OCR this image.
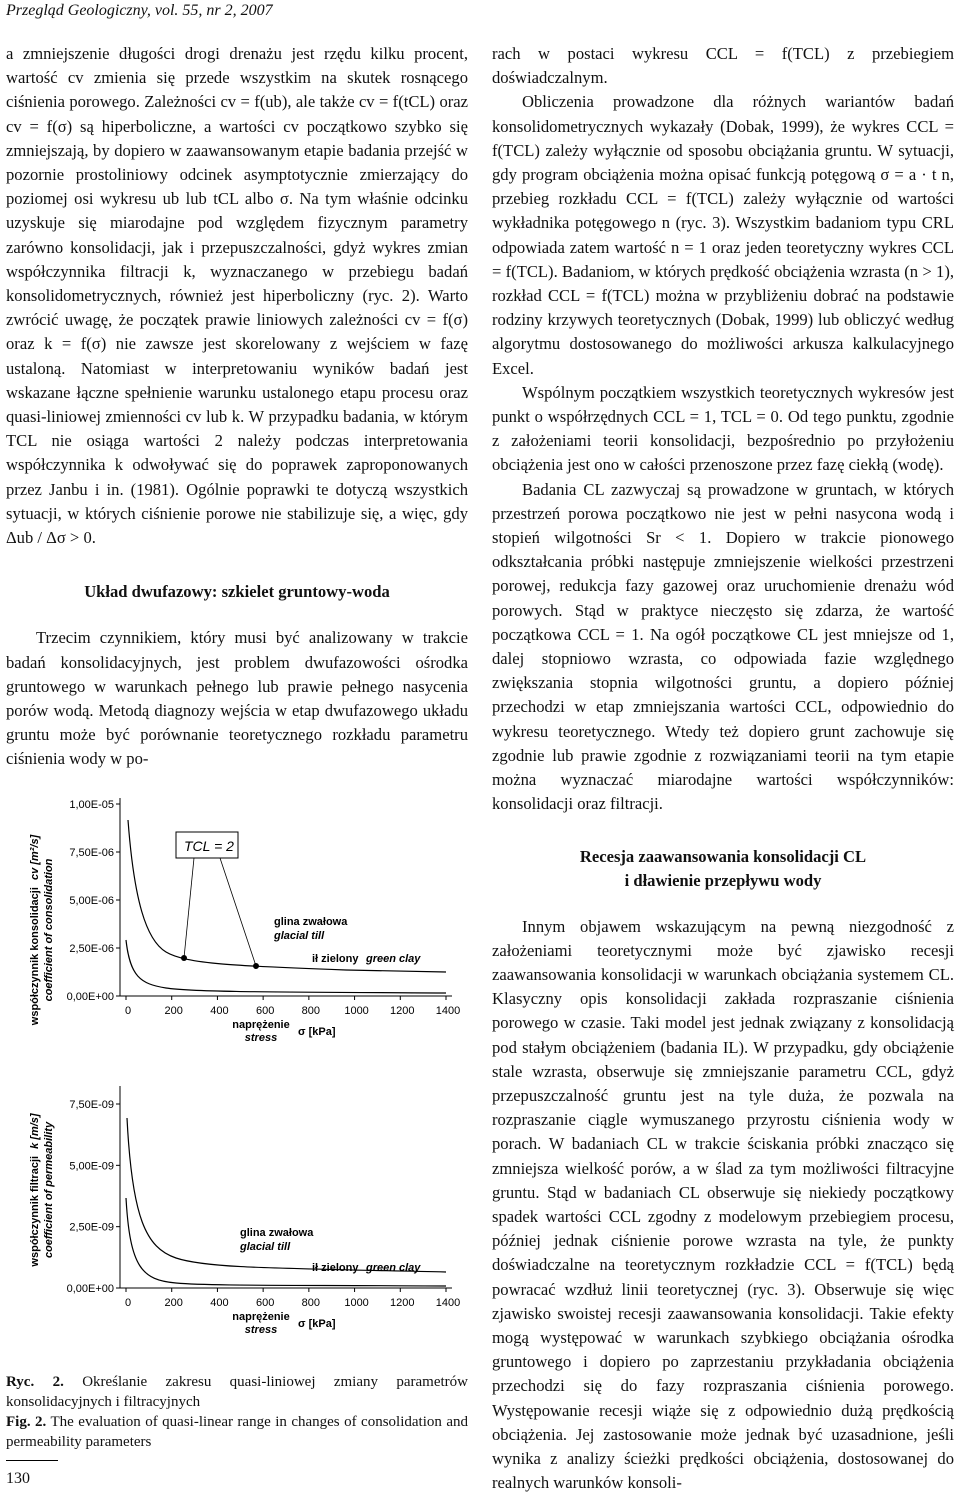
Przegląd Geologiczny, vol. 55, nr 2, 2007

a zmniejszenie długości drogi drenażu jest rzędu kilku procent, wartość cv zmienia się przede wszystkim na skutek rosnącego ciśnienia porowego. Zależności cv = f(ub), ale także cv = f(tCL) oraz cv = f(σ) są hiperboliczne, a wartości cv początkowo szybko się zmniejszają, by dopiero w zaawansowanym etapie badania przejść w pozornie prostoliniowy odcinek asymptotycznie zmierzający do poziomej osi wykresu ub lub tCL albo σ. Na tym właśnie odcinku uzyskuje się miarodajne pod względem fizycznym parametry zarówno konsolidacji, jak i przepuszczalności, gdyż wykres zmian współczynnika filtracji k, wyznaczanego w przebiegu badań konsolidometrycznych, również jest hiperboliczny (ryc. 2). Warto zwrócić uwagę, że początek prawie liniowych zależności cv = f(σ) oraz k = f(σ) nie zawsze jest skorelowany z wejściem w fazę ustaloną. Natomiast w interpretowaniu wyników badań jest wskazane łączne spełnienie warunku ustalonego etapu procesu oraz quasi-liniowej zmienności cv lub k. W przypadku badania, w którym TCL nie osiąga wartości 2 należy podczas interpretowania współczynnika k odwoływać się do poprawek zaproponowanych przez Janbu i in. (1981). Ogólnie poprawki te dotyczą wszystkich sytuacji, w których ciśnienie porowe nie stabilizuje się, a więc, gdy Δub / Δσ > 0.

Układ dwufazowy: szkielet gruntowy-woda

Trzecim czynnikiem, który musi być analizowany w trakcie badań konsolidacyjnych, jest problem dwufazowości ośrodka gruntowego w warunkach pełnego lub prawie pełnego nasycenia porów wodą. Metodą diagnozy wejścia w etap dwufazowego układu gruntu może być porównanie teoretycznego rozkładu parametru ciśnienia wody w po-

rach w postaci wykresu CCL = f(TCL) z przebiegiem doświadczalnym.

Obliczenia prowadzone dla różnych wariantów badań konsolidometrycznych wykazały (Dobak, 1999), że wykres CCL = f(TCL) zależy wyłącznie od sposobu obciążania gruntu. W sytuacji, gdy program obciążenia można opisać funkcją potęgową σ = a · t n, przebieg rozkładu CCL = f(TCL) zależy wyłącznie od wartości wykładnika potęgowego n (ryc. 3). Wszystkim badaniom typu CRL odpowiada zatem wartość n = 1 oraz jeden teoretyczny wykres CCL = f(TCL). Badaniom, w których prędkość obciążenia wzrasta (n > 1), rozkład CCL = f(TCL) można w przybliżeniu dobrać na podstawie rodziny krzywych teoretycznych (Dobak, 1999) lub obliczyć według algorytmu dostosowanego do możliwości arkusza kalkulacyjnego Excel.

Wspólnym początkiem wszystkich teoretycznych wykresów jest punkt o współrzędnych CCL = 1, TCL = 0. Od tego punktu, zgodnie z założeniami teorii konsolidacji, bezpośrednio po przyłożeniu obciążenia jest ono w całości przenoszone przez fazę ciekłą (wodę).

Badania CL zazwyczaj są prowadzone w gruntach, w których przestrzeń porowa początkowo nie jest w pełni nasycona wodą i stopień wilgotności Sr < 1. Dopiero w trakcie pionowego odkształcania próbki następuje zmniejszenie wielkości przestrzeni porowej, redukcja fazy gazowej oraz uruchomienie drenażu wód porowych. Stąd w praktyce nieczęsto się zdarza, że wartość początkowa CCL = 1. Na ogół początkowe CL jest mniejsze od 1, dalej stopniowo wzrasta, co odpowiada fazie względnego zwiększania stopnia wilgotności gruntu, a dopiero później przechodzi w etap zmniejszania wartości CCL, odpowiednio do wykresu teoretycznego. Wtedy też dopiero grunt zachowuje się zgodnie lub prawie zgodnie z rozwiązaniami teorii na tym etapie można wyznaczać miarodajne wartości współczynników: konsolidacji oraz filtracji.

Recesja zaawansowania konsolidacji CL
i dławienie przepływu wody

Innym objawem wskazującym na pewną niezgodność z założeniami teoretycznymi może być zjawisko recesji zaawansowania konsolidacji w warunkach obciążania systemem CL. Klasyczny opis konsolidacji zakłada rozpraszanie ciśnienia porowego w czasie. Taki model jest jednak związany z konsolidacją pod stałym obciążeniem (badania IL). W przypadku, gdy obciążenie stale wzrasta, obserwuje się zmniejszanie parametru CCL, gdyż przepuszczalność gruntu jest na tyle duża, że pozwala na rozpraszanie ciągle wymuszanego przyrostu ciśnienia wody w porach. W badaniach CL w trakcie ściskania próbki znacząco się zmniejsza wielkość porów, a w ślad za tym możliwości filtracyjne gruntu. Stąd w badaniach CL obserwuje się niekiedy początkowy spadek wartości CCL zgodny z modelowym przebiegiem procesu, później jednak ciśnienie porowe wzrasta na tyle, że punkty doświadczalne na teoretycznym rozkładzie CCL = f(TCL) będą powracać wzdłuż linii teoretycznej (ryc. 3). Obserwuje się więc zjawisko swoistej recesji zaawansowania konsolidacji. Takie efekty mogą występować w warunkach szybkiego obciążania ośrodka gruntowego i dopiero po zaprzestaniu przykładania obciążenia przechodzi się do fazy rozpraszania ciśnienia porowego. Występowanie recesji wiąże się z odpowiednio dużą prędkością obciążenia. Jej zastosowanie może jednak być uzasadnione, jeśli wynika z analizy ścieżki prędkości obciążenia, dostosowanej do realnych warunków konsoli-

współczynnik konsolidacji cv [m²/s]
coefficient of consolidation
1,00E-05
7,50E-06
5,00E-06
2,50E-06
0,00E+00
0	200 400 600 800 1000 1200 1400
naprężenie
stress σ [kPa]
TCL = 2
glina zwałowa
glacial till
ił zielony green clay
współczynnik filtracji k [m/s] coefficient of permeability
7,50E-09
5,00E-09
2,50E-09
0,00E+00
0	200 400 600 800 1000 1200 1400
naprężenie
stress σ [kPa]
glina zwałowa
glacial till
ił zielony green clay
Ryc. 2. Określanie zakresu quasi-liniowej zmiany parametrów konsolidacyjnych i filtracyjnych
Fig. 2. The evaluation of quasi-linear range in changes of consolidation and permeability parameters
130
